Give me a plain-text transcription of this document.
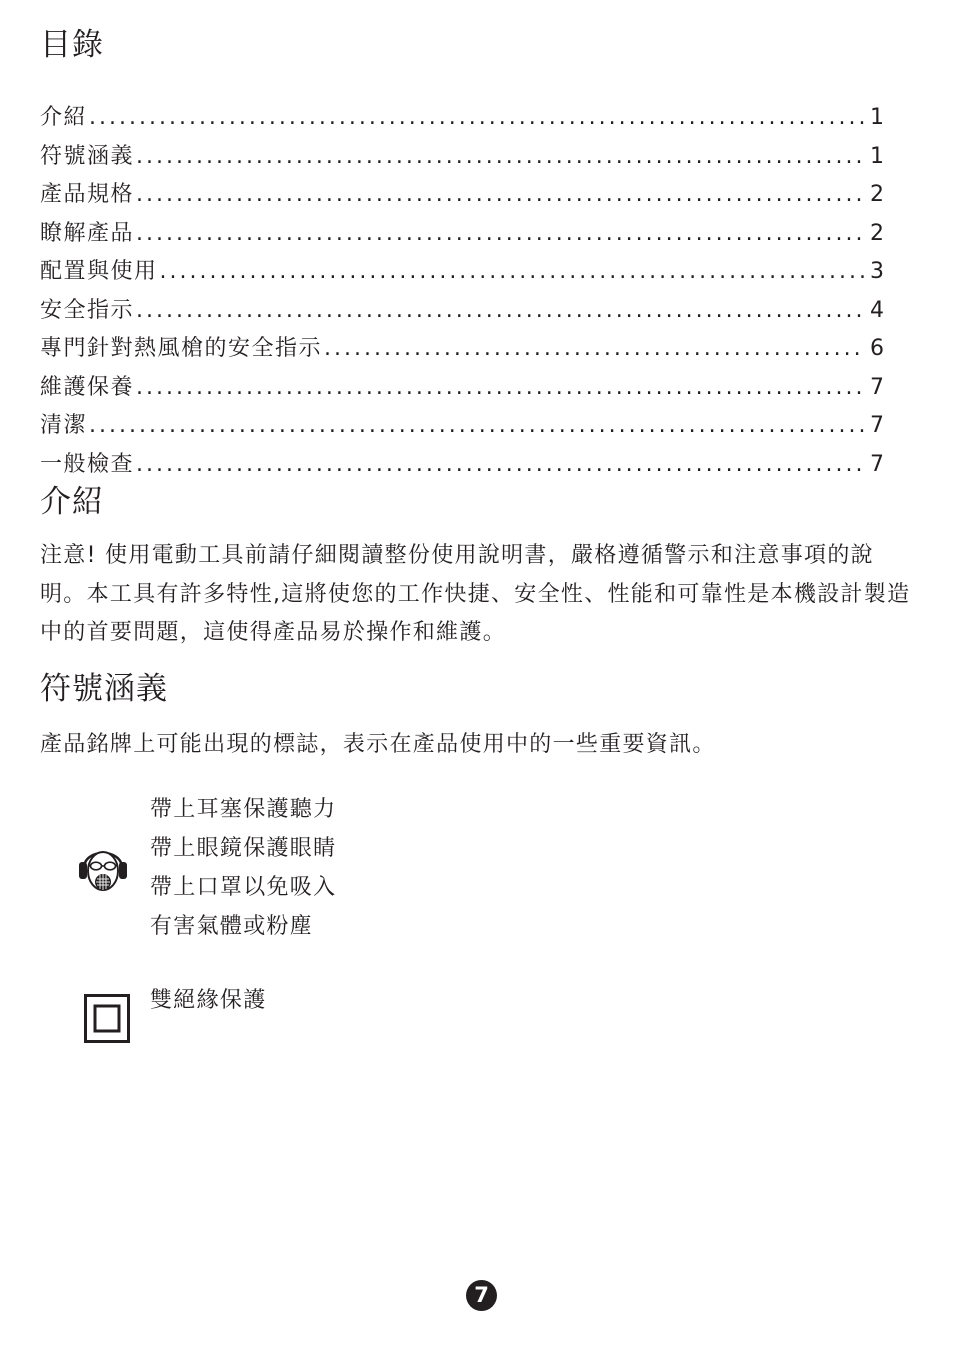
目錄
介紹 .....	1
符號涵義 .....	1
產品規格 .....	2
瞭解產品 .....	2
配置與使用 .....	3
安全指示 .....	4
專門針對熱風槍的安全指示 .....	6
維護保養 .....	7
清潔 .....	7
一般檢查 .....	7
介紹

注意! 使用電動工具前請仔細閱讀整份使用說明書，嚴格遵循警示和注意事項的說明。本工具有許多特性,這將使您的工作快捷、安全性、性能和可靠性是本機設計製造中的首要問題，這使得產品易於操作和維護。

符號涵義

產品銘牌上可能出現的標誌，表示在產品使用中的一些重要資訊。

帶上耳塞保護聽力
帶上眼鏡保護眼睛
帶上口罩以免吸入
有害氣體或粉塵
雙絕緣保護
7
